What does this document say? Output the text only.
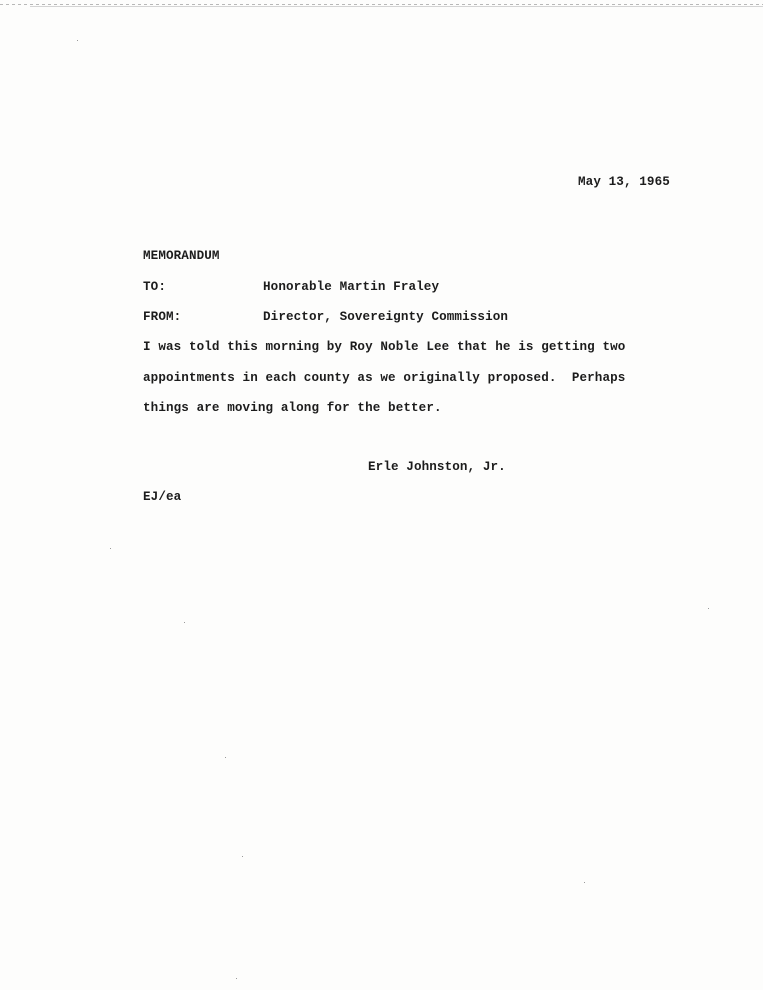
May 13, 1965
MEMORANDUM
TO:	Honorable Martin Fraley
FROM:	Director, Sovereignty Commission
I was told this morning by Roy Noble Lee that he is getting two
appointments in each county as we originally proposed.  Perhaps
things are moving along for the better.
Erle Johnston, Jr.
EJ/ea
